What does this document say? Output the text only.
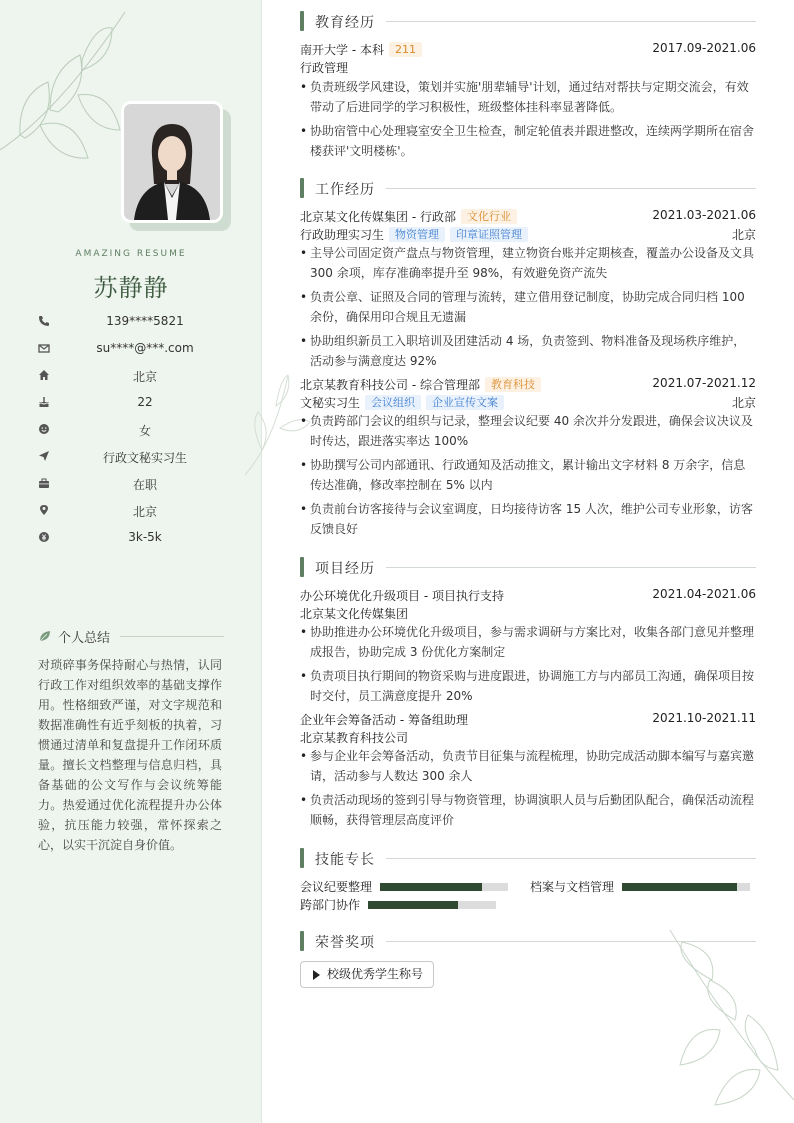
AMAZING RESUME
苏静静
139****5821
su****@***.com
北京
22
女
行政文秘实习生
在职
北京
3k-5k
个人总结
对琐碎事务保持耐心与热情，认同行政工作对组织效率的基础支撑作用。性格细致严谨，对文字规范和数据准确性有近乎刻板的执着，习惯通过清单和复盘提升工作闭环质量。擅长文档整理与信息归档，具备基础的公文写作与会议统筹能力。热爱通过优化流程提升办公体验，抗压能力较强，常怀探索之心，以实干沉淀自身价值。
教育经历
南开大学 - 本科 211	2017.09-2021.06
行政管理
• 负责班级学风建设，策划并实施'朋辈辅导'计划，通过结对帮扶与定期交流会，有效带动了后进同学的学习积极性，班级整体挂科率显著降低。
• 协助宿管中心处理寝室安全卫生检查，制定轮值表并跟进整改，连续两学期所在宿舍楼获评'文明楼栋'。
工作经历
北京某文化传媒集团 - 行政部 文化行业	2021.03-2021.06
行政助理实习生 物资管理 印章证照管理	北京
• 主导公司固定资产盘点与物资管理，建立物资台账并定期核查，覆盖办公设备及文具300 余项，库存准确率提升至 98%，有效避免资产流失
• 负责公章、证照及合同的管理与流转，建立借用登记制度，协助完成合同归档 100余份，确保用印合规且无遗漏
• 协助组织新员工入职培训及团建活动 4 场，负责签到、物料准备及现场秩序维护，活动参与满意度达 92%
北京某教育科技公司 - 综合管理部 教育科技	2021.07-2021.12
文秘实习生 会议组织 企业宣传文案	北京
• 负责跨部门会议的组织与记录，整理会议纪要 40 余次并分发跟进，确保会议决议及时传达，跟进落实率达 100%
• 协助撰写公司内部通讯、行政通知及活动推文，累计输出文字材料 8 万余字，信息传达准确，修改率控制在 5% 以内
• 负责前台访客接待与会议室调度，日均接待访客 15 人次，维护公司专业形象，访客反馈良好
项目经历
办公环境优化升级项目 - 项目执行支持	2021.04-2021.06
北京某文化传媒集团
• 协助推进办公环境优化升级项目，参与需求调研与方案比对，收集各部门意见并整理成报告，协助完成 3 份优化方案制定
• 负责项目执行期间的物资采购与进度跟进，协调施工方与内部员工沟通，确保项目按时交付，员工满意度提升 20%
企业年会筹备活动 - 筹备组助理	2021.10-2021.11
北京某教育科技公司
• 参与企业年会筹备活动，负责节目征集与流程梳理，协助完成活动脚本编写与嘉宾邀请，活动参与人数达 300 余人
• 负责活动现场的签到引导与物资管理，协调演职人员与后勤团队配合，确保活动流程顺畅，获得管理层高度评价
技能专长
会议纪要整理	档案与文档管理
跨部门协作
荣誉奖项
校级优秀学生称号
